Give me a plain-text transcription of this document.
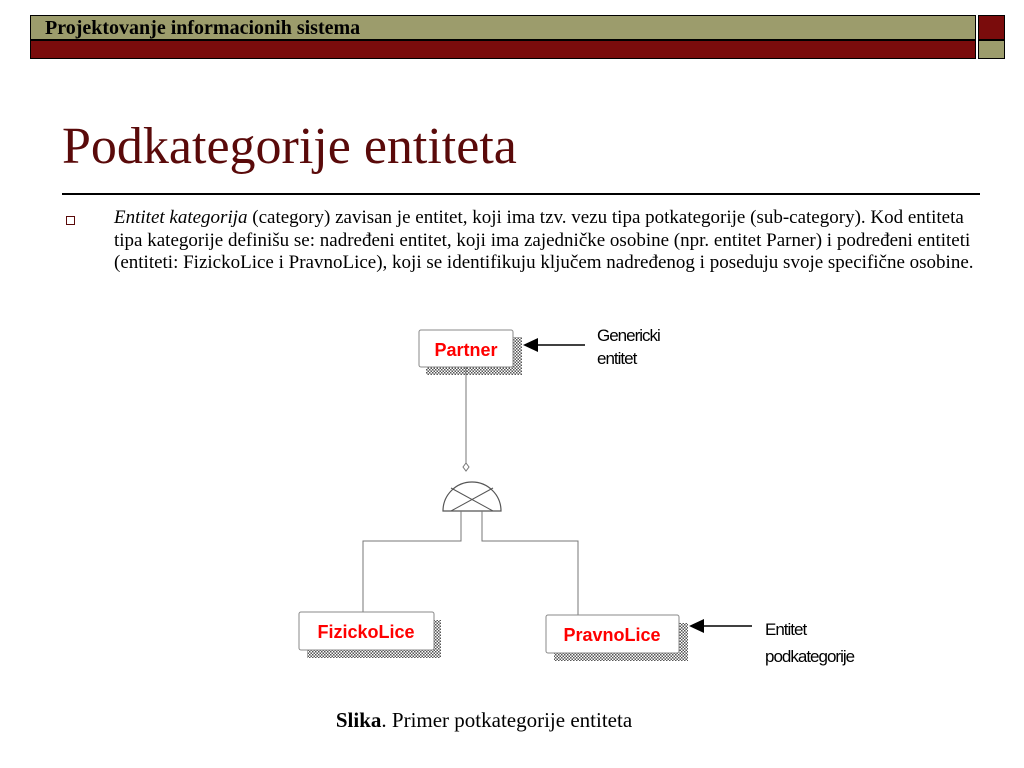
Projektovanje informacionih sistema
Podkategorije entiteta
Entitet kategorija (category) zavisan je entitet, koji ima tzv. vezu tipa potkategorije (sub-category). Kod entiteta tipa kategorije definišu se: nadređeni entitet, koji ima zajedničke osobine (npr. entitet Parner) i podređeni entiteti (entiteti: FizickoLice i PravnoLice), koji se identifikuju ključem nadređenog i poseduju svoje specifične osobine.
Partner
Genericki
entitet
FizickoLice	PravnoLice	Entitet
podkategorije
Slika. Primer potkategorije entiteta
